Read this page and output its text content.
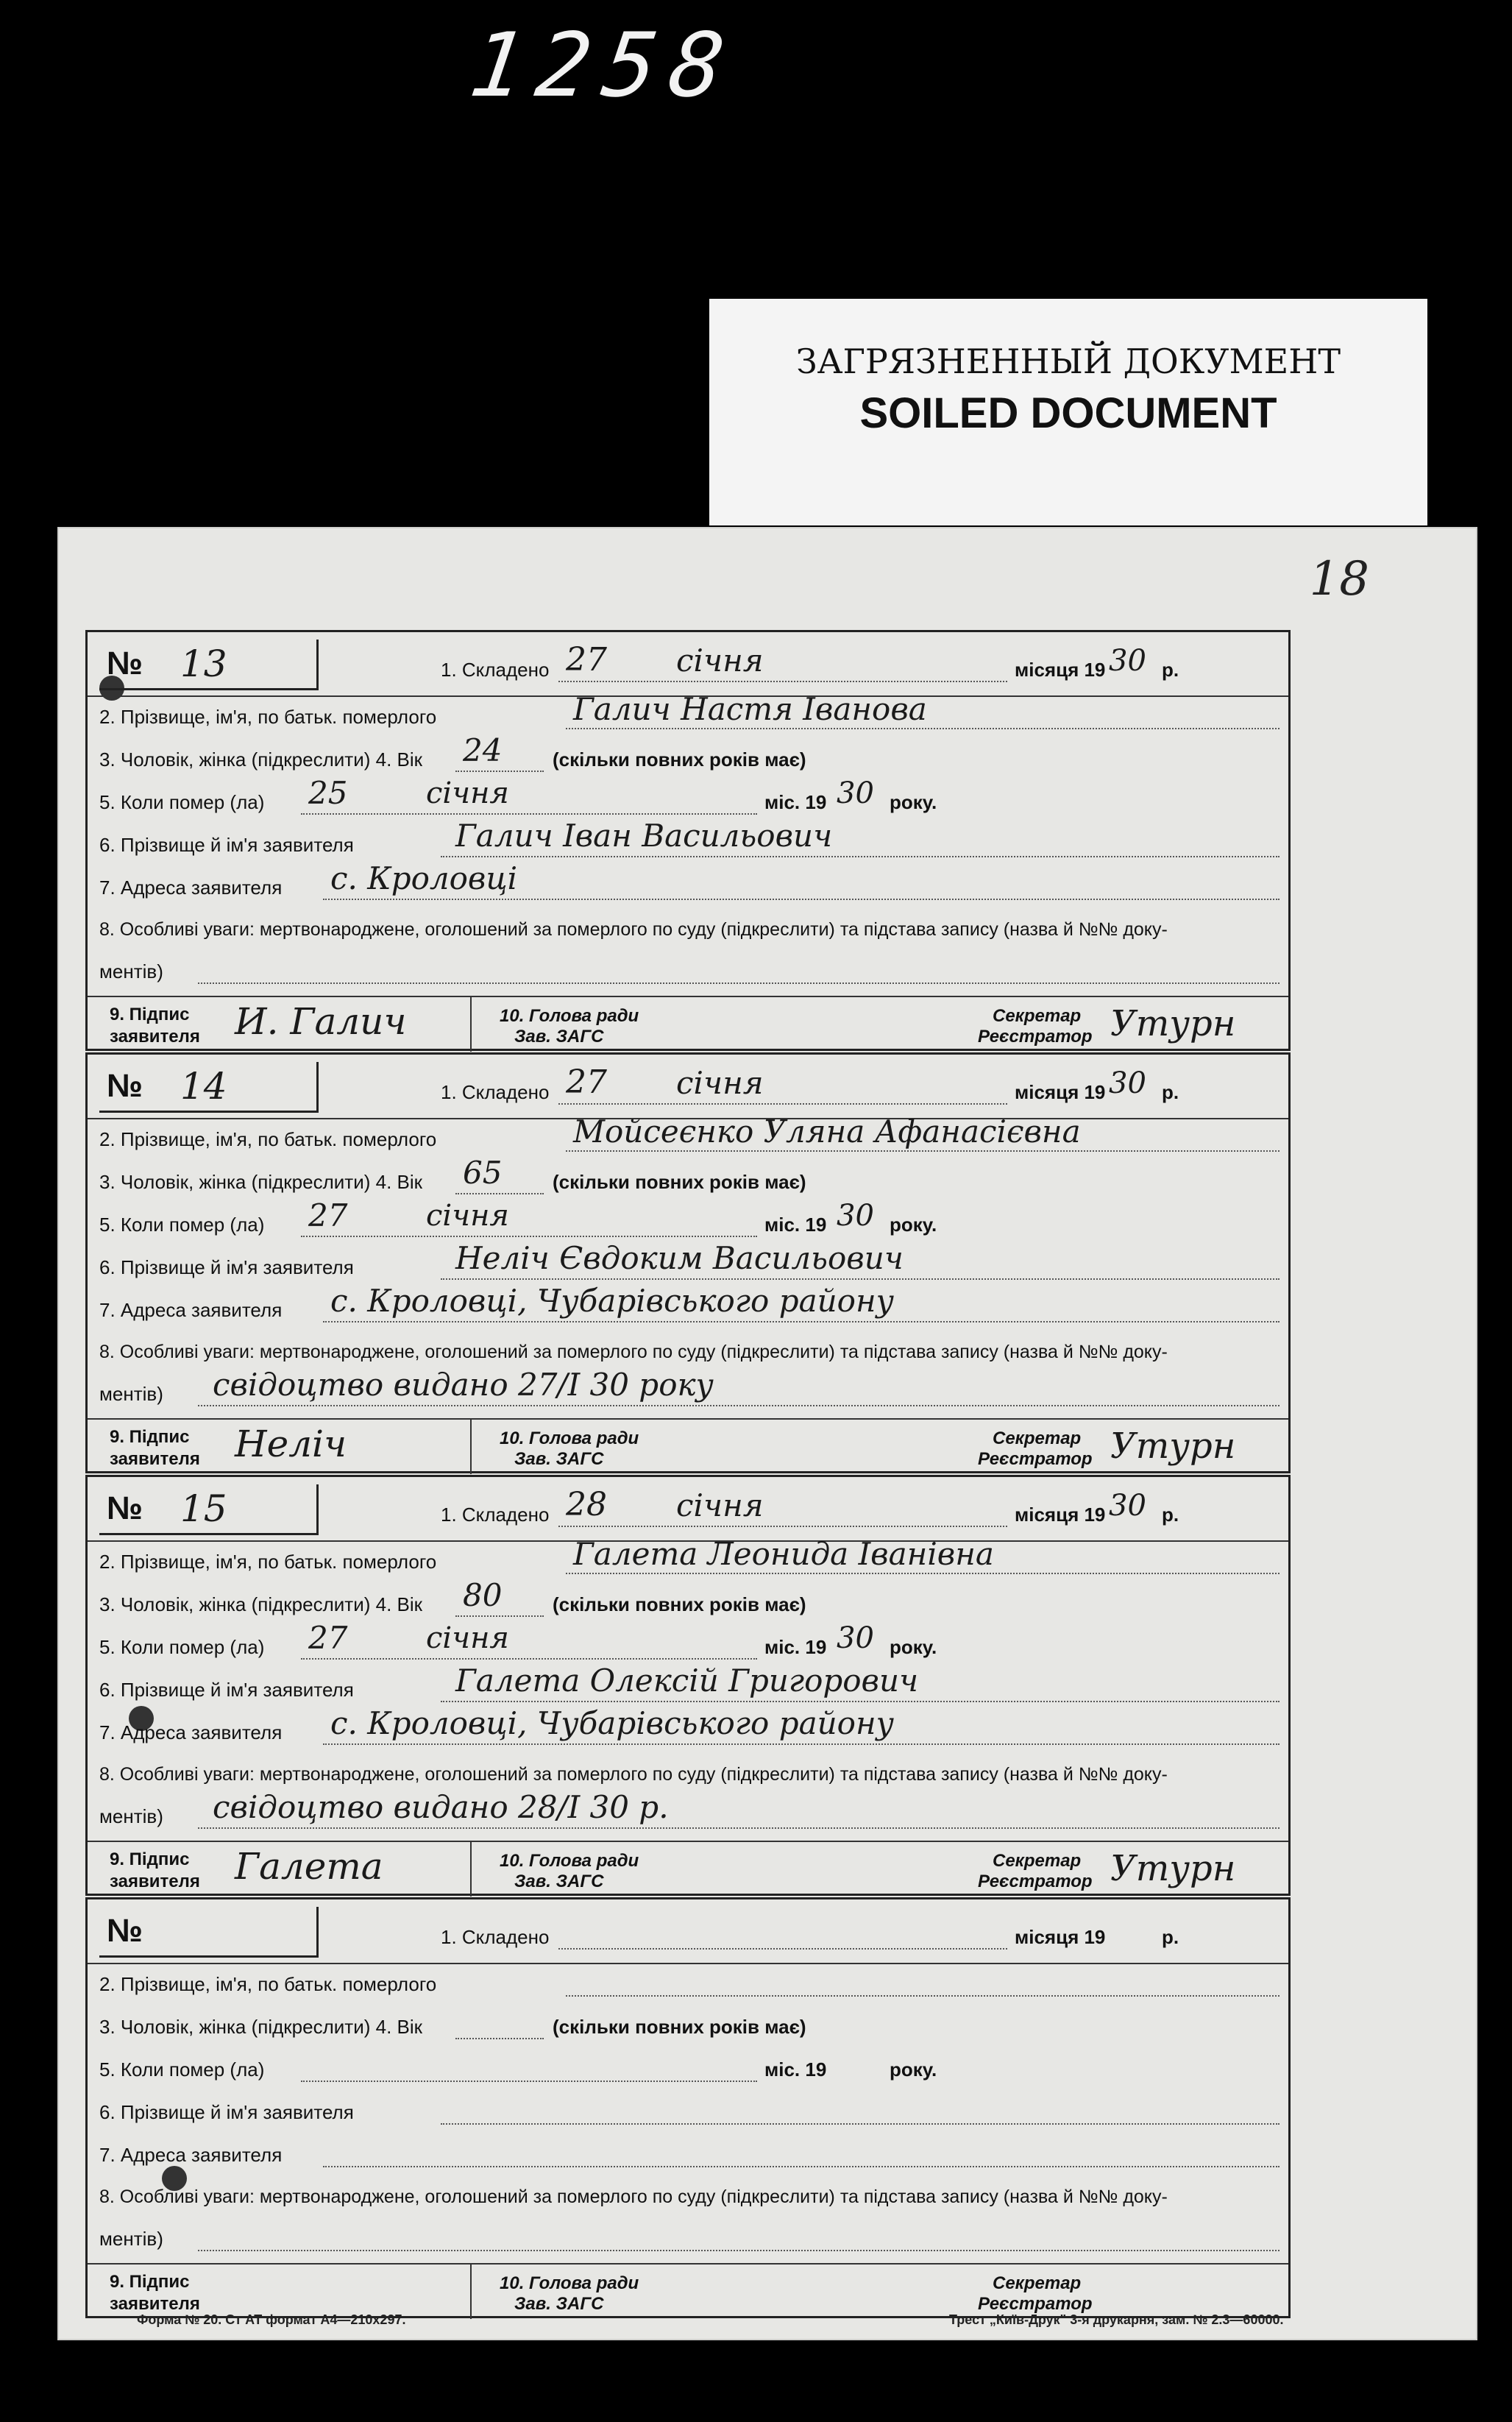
1258
ЗАГРЯЗНЕННЫЙ ДОКУМЕНТ
SOILED DOCUMENT
18
№ 13	1. Складено 27 січня	місяця 19 30 р.
2. Прізвище, ім'я, по батьк. померлого	Галич Настя Іванова
3. Чоловік, жінка (підкреслити) 4. Вік 24	(скільки повних років має)
5. Коли помер (ла) 25	січня	міс. 19 30 року.
6. Прізвище й ім'я заявителя	Галич Іван Васильович
7. Адреса заявителя с. Кроловці
8. Особливі уваги: мертвонароджене, оголошений за померлого по суду (підкреслити) та підстава запису (назва й №№ доку-
ментів)
9. Підпис
заявителя И. Галич	10. Голова ради
Зав. ЗАГС
Секретар
Реєстратор Утурн
№ 14	1. Складено 27 січня	місяця 19 30 р.
2. Прізвище, ім'я, по батьк. померлого	Мойсеєнко Уляна Афанасієвна
3. Чоловік, жінка (підкреслити) 4. Вік 65	(скільки повних років має)
5. Коли помер (ла) 27	січня	міс. 19 30 року.
6. Прізвище й ім'я заявителя	Неліч Євдоким Васильович
7. Адреса заявителя с. Кроловці, Чубарівського району
8. Особливі уваги: мертвонароджене, оголошений за померлого по суду (підкреслити) та підстава запису (назва й №№ доку-
ментів) свідоцтво видано 27/І 30 року
9. Підпис
заявителя Неліч	10. Голова ради
Зав. ЗАГС
Секретар
Реєстратор Утурн
№ 15	1. Складено 28 січня	місяця 19 30 р.
2. Прізвище, ім'я, по батьк. померлого	Галета Леонида Іванівна
3. Чоловік, жінка (підкреслити) 4. Вік 80	(скільки повних років має)
5. Коли помер (ла) 27	січня	міс. 19 30 року.
6. Прізвище й ім'я заявителя	Галета Олексій Григорович
7. Адреса заявителя с. Кроловці, Чубарівського району
8. Особливі уваги: мертвонароджене, оголошений за померлого по суду (підкреслити) та підстава запису (назва й №№ доку-
ментів) свідоцтво видано 28/І 30 р.
9. Підпис
заявителя Галета	10. Голова ради
Зав. ЗАГС
Секретар
Реєстратор Утурн
№	1. Складено	місяця 19	р.
2. Прізвище, ім'я, по батьк. померлого
3. Чоловік, жінка (підкреслити) 4. Вік	(скільки повних років має)
5. Коли помер (ла)	міс. 19	року.
6. Прізвище й ім'я заявителя
7. Адреса заявителя
8. Особливі уваги: мертвонароджене, оголошений за померлого по суду (підкреслити) та підстава запису (назва й №№ доку-
ментів)
9. Підпис
заявителя
10. Голова ради
Зав. ЗАГС
Секретар
Реєстратор
Форма № 20. Ст АТ формат А4—210x297.	Трест „Київ-Друк" 3-я друкарня, зам. № 2.3—60000.
